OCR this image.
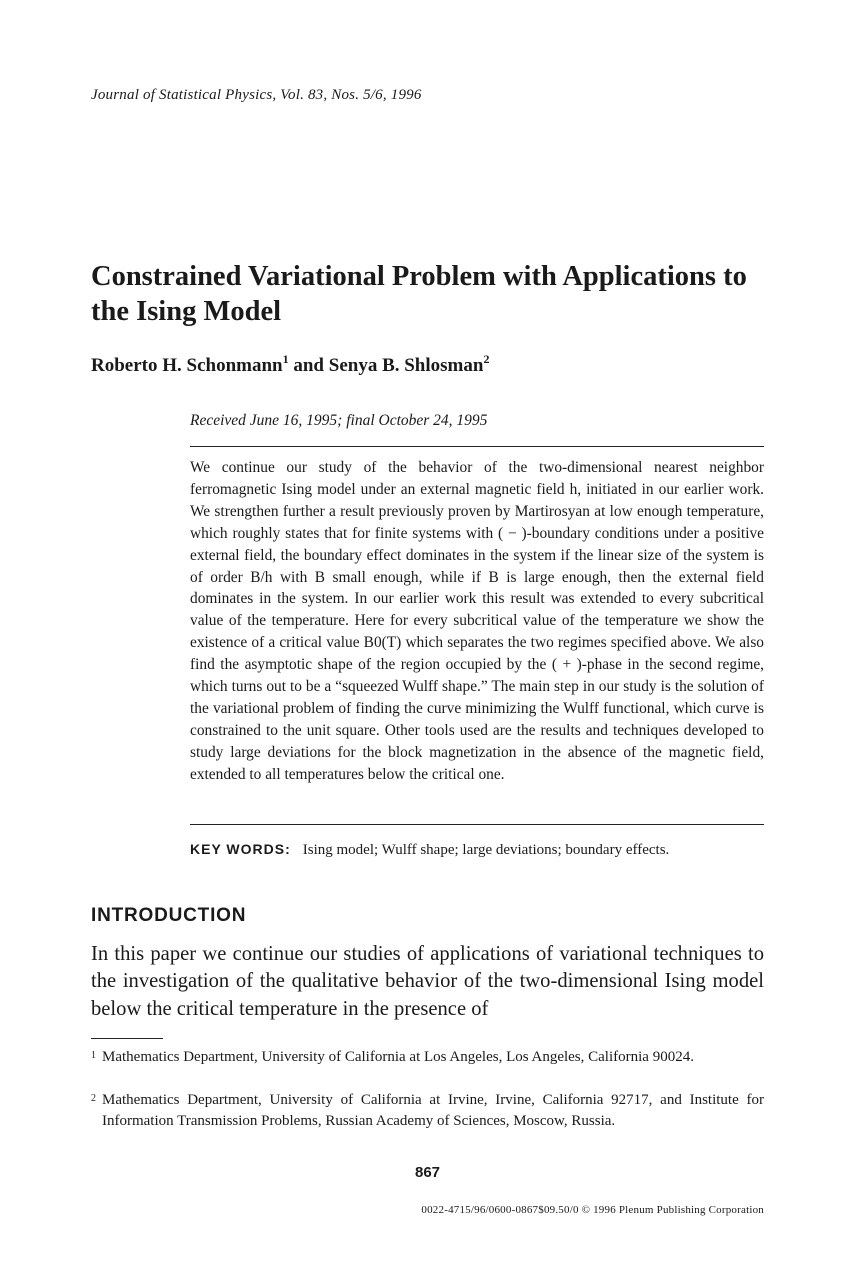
Journal of Statistical Physics, Vol. 83, Nos. 5/6, 1996
Constrained Variational Problem with Applications to the Ising Model
Roberto H. Schonmann$^1$ and Senya B. Shlosman$^2$
Received June 16, 1995; final October 24, 1995
We continue our study of the behavior of the two-dimensional nearest neighbor ferromagnetic Ising model under an external magnetic field h, initiated in our earlier work. We strengthen further a result previously proven by Martirosyan at low enough temperature, which roughly states that for finite systems with ( − )-boundary conditions under a positive external field, the boundary effect dominates in the system if the linear size of the system is of order B/h with B small enough, while if B is large enough, then the external field dominates in the system. In our earlier work this result was extended to every subcritical value of the temperature. Here for every subcritical value of the temperature we show the existence of a critical value B0(T) which separates the two regimes specified above. We also find the asymptotic shape of the region occupied by the ( + )-phase in the second regime, which turns out to be a “squeezed Wulff shape.” The main step in our study is the solution of the variational problem of finding the curve minimizing the Wulff functional, which curve is constrained to the unit square. Other tools used are the results and techniques developed to study large deviations for the block magnetization in the absence of the magnetic field, extended to all temperatures below the critical one.
KEY WORDS: Ising model; Wulff shape; large deviations; boundary effects.
INTRODUCTION
In this paper we continue our studies of applications of variational techniques to the investigation of the qualitative behavior of the two-dimensional Ising model below the critical temperature in the presence of
1 Mathematics Department, University of California at Los Angeles, Los Angeles, California 90024.
2 Mathematics Department, University of California at Irvine, Irvine, California 92717, and Institute for Information Transmission Problems, Russian Academy of Sciences, Moscow, Russia.
867
0022-4715/96/0600-0867$09.50/0 © 1996 Plenum Publishing Corporation
